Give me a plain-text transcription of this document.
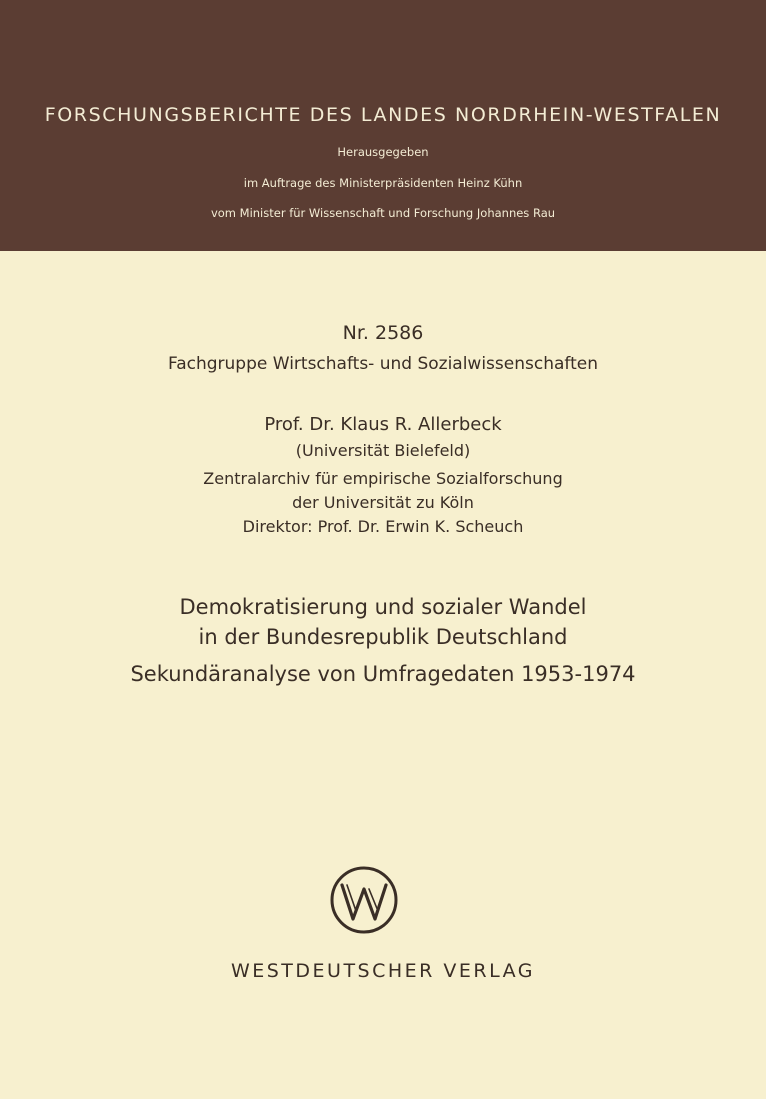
FORSCHUNGSBERICHTE DES LANDES NORDRHEIN-WESTFALEN
Herausgegeben
im Auftrage des Ministerpräsidenten Heinz Kühn
vom Minister für Wissenschaft und Forschung Johannes Rau
Nr. 2586
Fachgruppe Wirtschafts- und Sozialwissenschaften
Prof. Dr. Klaus R. Allerbeck
(Universität Bielefeld)
Zentralarchiv für empirische Sozialforschung
der Universität zu Köln
Direktor: Prof. Dr. Erwin K. Scheuch
Demokratisierung und sozialer Wandel
in der Bundesrepublik Deutschland
Sekundäranalyse von Umfragedaten 1953-1974
WESTDEUTSCHER VERLAG
